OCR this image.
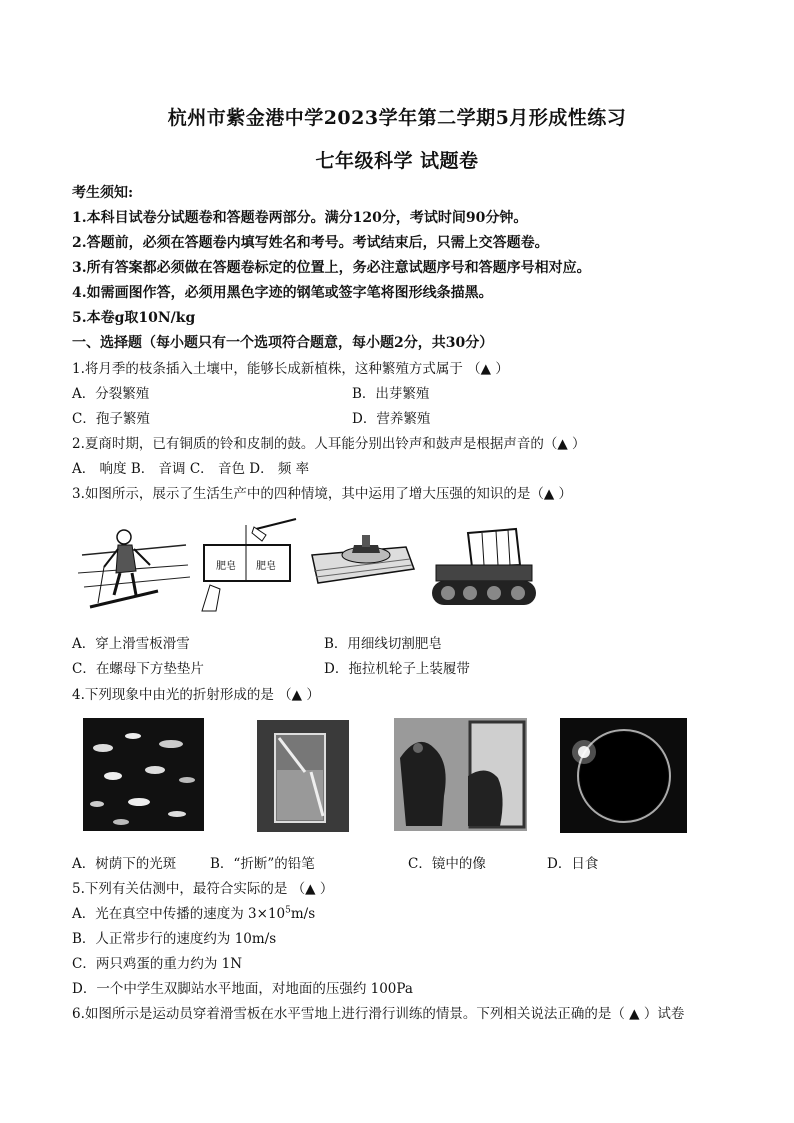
杭州市紫金港中学2023学年第二学期5月形成性练习
七年级科学 试题卷
考生须知:
1.本科目试卷分试题卷和答题卷两部分。满分120分，考试时间90分钟。
2.答题前，必须在答题卷内填写姓名和考号。考试结束后，只需上交答题卷。
3.所有答案都必须做在答题卷标定的位置上，务必注意试题序号和答题序号相对应。
4.如需画图作答，必须用黑色字迹的钢笔或签字笔将图形线条描黑。
5.本卷g取10N/kg
一、选择题（每小题只有一个选项符合题意，每小题2分，共30分）
1.将月季的枝条插入土壤中，能够长成新植株，这种繁殖方式属于 （▲ ）
A．分裂繁殖	B．出芽繁殖
C．孢子繁殖	D．营养繁殖
2.夏商时期，已有铜质的铃和皮制的鼓。人耳能分别出铃声和鼓声是根据声音的（▲ ）
A． 响度 B． 音调 C． 音色 D． 频 率
3.如图所示，展示了生活生产中的四种情境，其中运用了增大压强的知识的是（▲ ）
肥皂 肥皂
A．穿上滑雪板滑雪	B．用细线切割肥皂
C．在螺母下方垫垫片	D．拖拉机轮子上装履带
4.下列现象中由光的折射形成的是 （▲ ）
A．树荫下的光斑	B．“折断”的铅笔	C．镜中的像	D．日食
5.下列有关估测中，最符合实际的是 （▲ ）
A．光在真空中传播的速度为 $3\times 10^5m/s$
B．人正常步行的速度约为 10m/s
C．两只鸡蛋的重力约为 1N
D．一个中学生双脚站水平地面，对地面的压强约 100Pa
6.如图所示是运动员穿着滑雪板在水平雪地上进行滑行训练的情景。下列相关说法正确的是（ ▲ ）试卷
